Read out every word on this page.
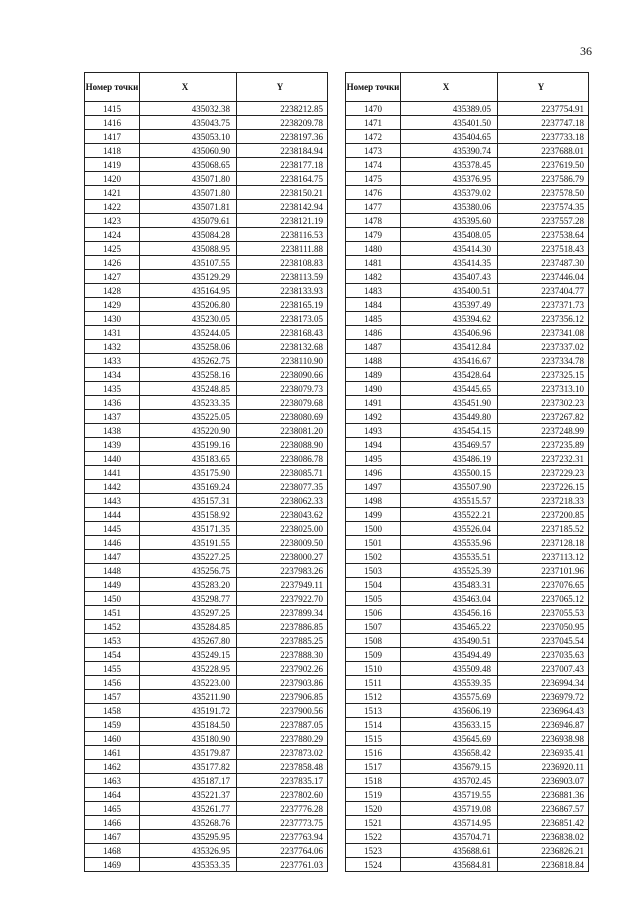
36
Номер точки	X	Y
1415	435032.38	2238212.85
1416	435043.75	2238209.78
1417	435053.10	2238197.36
1418	435060.90	2238184.94
1419	435068.65	2238177.18
1420	435071.80	2238164.75
1421	435071.80	2238150.21
1422	435071.81	2238142.94
1423	435079.61	2238121.19
1424	435084.28	2238116.53
1425	435088.95	2238111.88
1426	435107.55	2238108.83
1427	435129.29	2238113.59
1428	435164.95	2238133.93
1429	435206.80	2238165.19
1430	435230.05	2238173.05
1431	435244.05	2238168.43
1432	435258.06	2238132.68
1433	435262.75	2238110.90
1434	435258.16	2238090.66
1435	435248.85	2238079.73
1436	435233.35	2238079.68
1437	435225.05	2238080.69
1438	435220.90	2238081.20
1439	435199.16	2238088.90
1440	435183.65	2238086.78
1441	435175.90	2238085.71
1442	435169.24	2238077.35
1443	435157.31	2238062.33
1444	435158.92	2238043.62
1445	435171.35	2238025.00
1446	435191.55	2238009.50
1447	435227.25	2238000.27
1448	435256.75	2237983.26
1449	435283.20	2237949.11
1450	435298.77	2237922.70
1451	435297.25	2237899.34
1452	435284.85	2237886.85
1453	435267.80	2237885.25
1454	435249.15	2237888.30
1455	435228.95	2237902.26
1456	435223.00	2237903.86
1457	435211.90	2237906.85
1458	435191.72	2237900.56
1459	435184.50	2237887.05
1460	435180.90	2237880.29
1461	435179.87	2237873.02
1462	435177.82	2237858.48
1463	435187.17	2237835.17
1464	435221.37	2237802.60
1465	435261.77	2237776.28
1466	435268.76	2237773.75
1467	435295.95	2237763.94
1468	435326.95	2237764.06
1469	435353.35	2237761.03
Номер точки	X	Y
1470	435389.05	2237754.91
1471	435401.50	2237747.18
1472	435404.65	2237733.18
1473	435390.74	2237688.01
1474	435378.45	2237619.50
1475	435376.95	2237586.79
1476	435379.02	2237578.50
1477	435380.06	2237574.35
1478	435395.60	2237557.28
1479	435408.05	2237538.64
1480	435414.30	2237518.43
1481	435414.35	2237487.30
1482	435407.43	2237446.04
1483	435400.51	2237404.77
1484	435397.49	2237371.73
1485	435394.62	2237356.12
1486	435406.96	2237341.08
1487	435412.84	2237337.02
1488	435416.67	2237334.78
1489	435428.64	2237325.15
1490	435445.65	2237313.10
1491	435451.90	2237302.23
1492	435449.80	2237267.82
1493	435454.15	2237248.99
1494	435469.57	2237235.89
1495	435486.19	2237232.31
1496	435500.15	2237229.23
1497	435507.90	2237226.15
1498	435515.57	2237218.33
1499	435522.21	2237200.85
1500	435526.04	2237185.52
1501	435535.96	2237128.18
1502	435535.51	2237113.12
1503	435525.39	2237101.96
1504	435483.31	2237076.65
1505	435463.04	2237065.12
1506	435456.16	2237055.53
1507	435465.22	2237050.95
1508	435490.51	2237045.54
1509	435494.49	2237035.63
1510	435509.48	2237007.43
1511	435539.35	2236994.34
1512	435575.69	2236979.72
1513	435606.19	2236964.43
1514	435633.15	2236946.87
1515	435645.69	2236938.98
1516	435658.42	2236935.41
1517	435679.15	2236920.11
1518	435702.45	2236903.07
1519	435719.55	2236881.36
1520	435719.08	2236867.57
1521	435714.95	2236851.42
1522	435704.71	2236838.02
1523	435688.61	2236826.21
1524	435684.81	2236818.84
